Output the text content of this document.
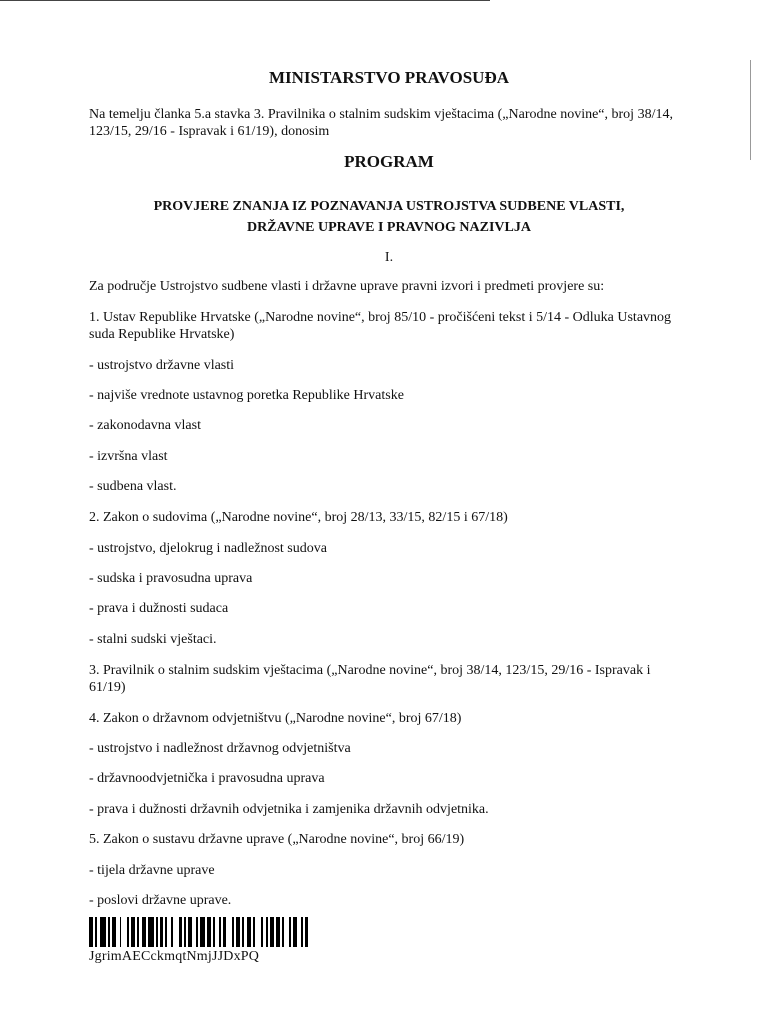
MINISTARSTVO PRAVOSUĐA

Na temelju članka 5.a stavka 3. Pravilnika o stalnim sudskim vještacima („Narodne novine“, broj 38/14, 123/15, 29/16 - Ispravak i 61/19), donosim

PROGRAM
PROVJERE ZNANJA IZ POZNAVANJA USTROJSTVA SUDBENE VLASTI,
DRŽAVNE UPRAVE I PRAVNOG NAZIVLJA
I.

Za područje Ustrojstvo sudbene vlasti i državne uprave pravni izvori i predmeti provjere su:

1. Ustav Republike Hrvatske („Narodne novine“, broj 85/10 - pročišćeni tekst i 5/14 - Odluka Ustavnog suda Republike Hrvatske)

- ustrojstvo državne vlasti

- najviše vrednote ustavnog poretka Republike Hrvatske

- zakonodavna vlast

- izvršna vlast

- sudbena vlast.

2. Zakon o sudovima („Narodne novine“, broj 28/13, 33/15, 82/15 i 67/18)

- ustrojstvo, djelokrug i nadležnost sudova

- sudska i pravosudna uprava

- prava i dužnosti sudaca

- stalni sudski vještaci.

3. Pravilnik o stalnim sudskim vještacima („Narodne novine“, broj 38/14, 123/15, 29/16 - Ispravak i 61/19)

4. Zakon o državnom odvjetništvu („Narodne novine“, broj 67/18)

- ustrojstvo i nadležnost državnog odvjetništva

- državnoodvjetnička i pravosudna uprava

- prava i dužnosti državnih odvjetnika i zamjenika državnih odvjetnika.

5. Zakon o sustavu državne uprave („Narodne novine“, broj 66/19)

- tijela državne uprave

- poslovi državne uprave.

JgrimAECckmqtNmjJJDxPQ
